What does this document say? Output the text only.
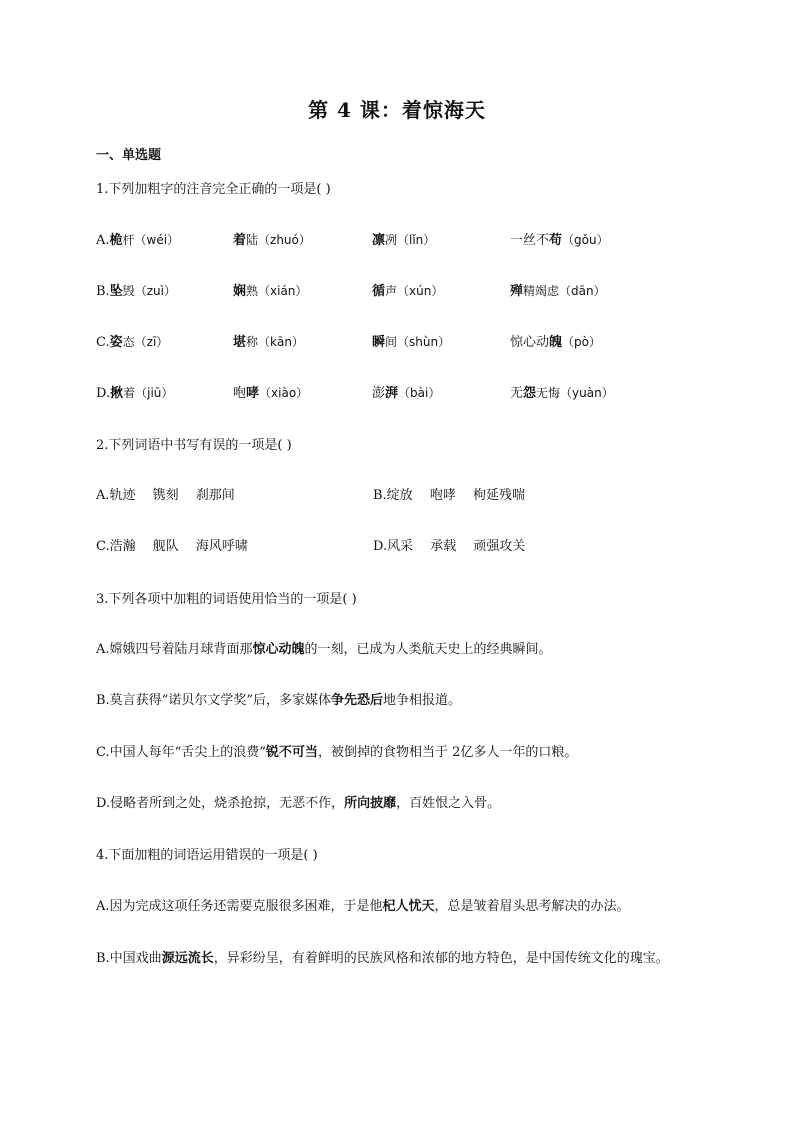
第 4 课：着惊海天
一、单选题
1.下列加粗字的注音完全正确的一项是( )
A.桅杆（wéi）	着陆（zhuó）	凛冽（lǐn）	一丝不苟（gǒu）
B.坠毁（zuì）	娴熟（xián）	循声（xún）	殚精竭虑（dān）
C.姿态（zī）	堪称（kān）	瞬间（shùn）	惊心动魄（pò）
D.揪着（jiū）	咆哮（xiào）	澎湃（bài）	无怨无悔（yuàn）
2.下列词语中书写有误的一项是( )
A.轨迹　 镌刻　 刹那间	B.绽放　 咆哮　 枸延残喘
C.浩瀚　 舰队　 海风呼啸	D.风采　 承载　 顽强攻关
3.下列各项中加粗的词语使用恰当的一项是( )
A.嫦娥四号着陆月球背面那惊心动魄的一刻，已成为人类航天史上的经典瞬间。
B.莫言获得“诺贝尔文学奖”后，多家媒体争先恐后地争相报道。
C.中国人每年“舌尖上的浪费”锐不可当，被倒掉的食物相当于 2亿多人一年的口粮。
D.侵略者所到之处，烧杀抢掠，无恶不作，所向披靡，百姓恨之入骨。
4.下面加粗的词语运用错误的一项是( )
A.因为完成这项任务还需要克服很多困难，于是他杞人忧天，总是皱着眉头思考解决的办法。
B.中国戏曲源远流长，异彩纷呈，有着鲜明的民族风格和浓郁的地方特色，是中国传统文化的瑰宝。
